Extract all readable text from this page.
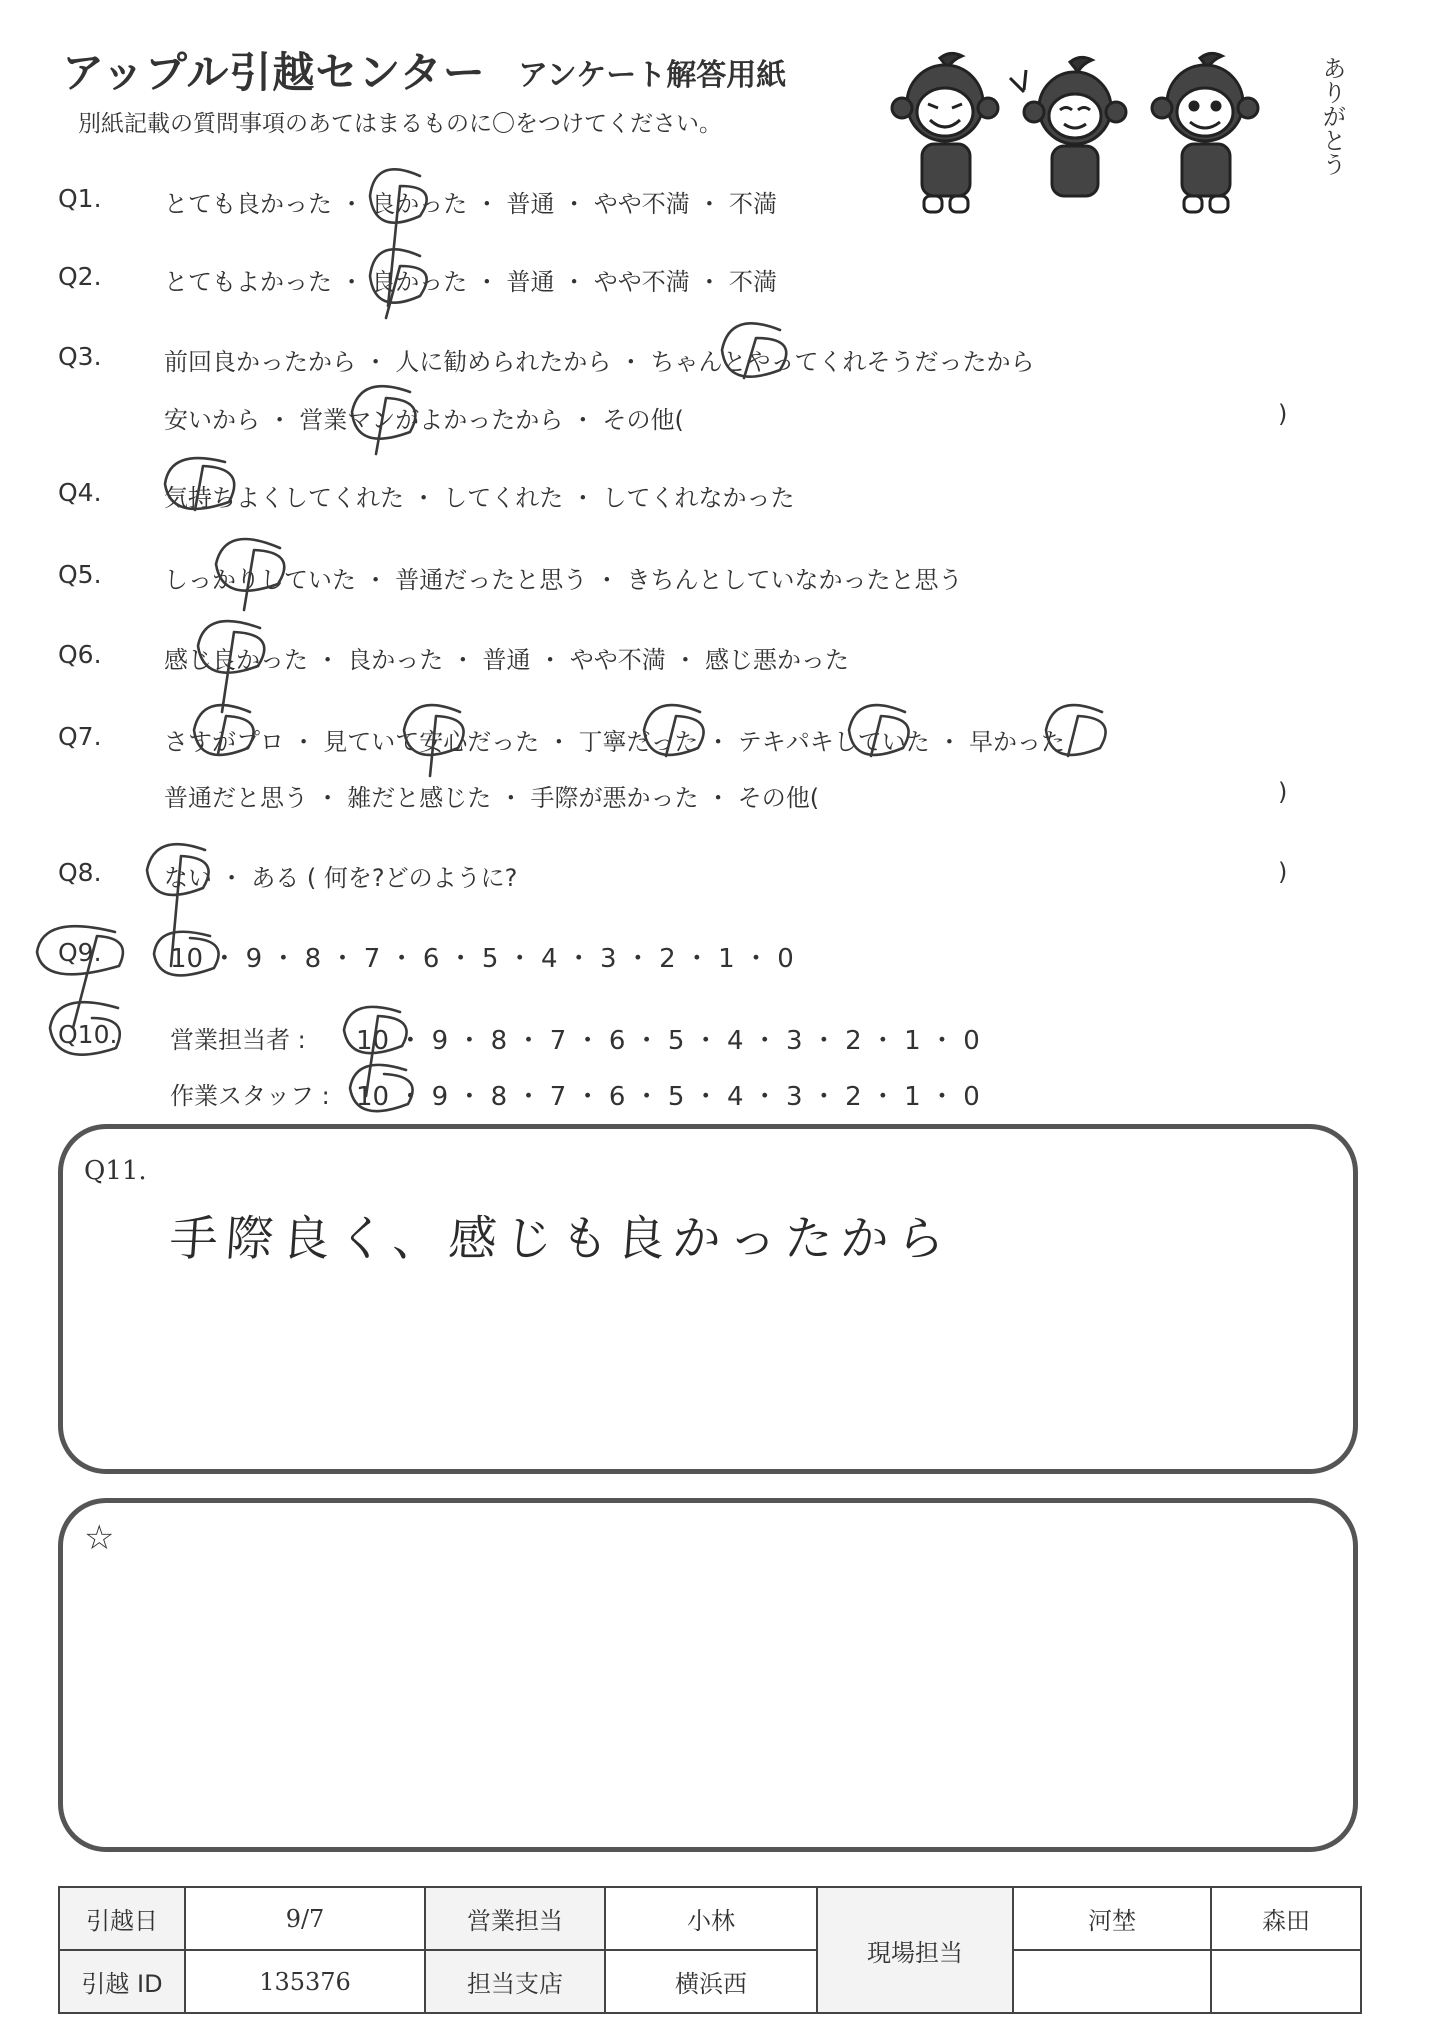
アップル引越センター アンケート解答用紙
別紙記載の質問事項のあてはまるものに〇をつけてください。	ありがとう
Q1.	とても良かった ・ 良かった ・ 普通 ・ やや不満 ・ 不満
Q2.	とてもよかった ・ 良かった ・ 普通 ・ やや不満 ・ 不満
Q3.	前回良かったから ・ 人に勧められたから ・ ちゃんとやってくれそうだったから
安いから ・ 営業マンがよかったから ・ その他(	)
Q4.	気持ちよくしてくれた ・ してくれた ・ してくれなかった
Q5.	しっかりしていた ・ 普通だったと思う ・ きちんとしていなかったと思う
Q6.	感じ良かった ・ 良かった ・ 普通 ・ やや不満 ・ 感じ悪かった
Q7.	さすがプロ ・ 見ていて安心だった ・ 丁寧だった ・ テキパキしていた ・ 早かった
普通だと思う ・ 雑だと感じた ・ 手際が悪かった ・ その他(	)
Q8.	ない ・ ある ( 何を?どのように?	)
Q9.	10 ・ 9 ・ 8 ・ 7 ・ 6 ・ 5 ・ 4 ・ 3 ・ 2 ・ 1 ・ 0
Q10. 営業担当者 : 10 ・ 9 ・ 8 ・ 7 ・ 6 ・ 5 ・ 4 ・ 3 ・ 2 ・ 1 ・ 0
作業スタッフ : 10 ・ 9 ・ 8 ・ 7 ・ 6 ・ 5 ・ 4 ・ 3 ・ 2 ・ 1 ・ 0
Q11.
手際良く、感じも良かったから
☆
引越日	9/7	営業担当	小林	現場担当	河埜	森田
引越 ID	135376	担当支店	横浜西			
